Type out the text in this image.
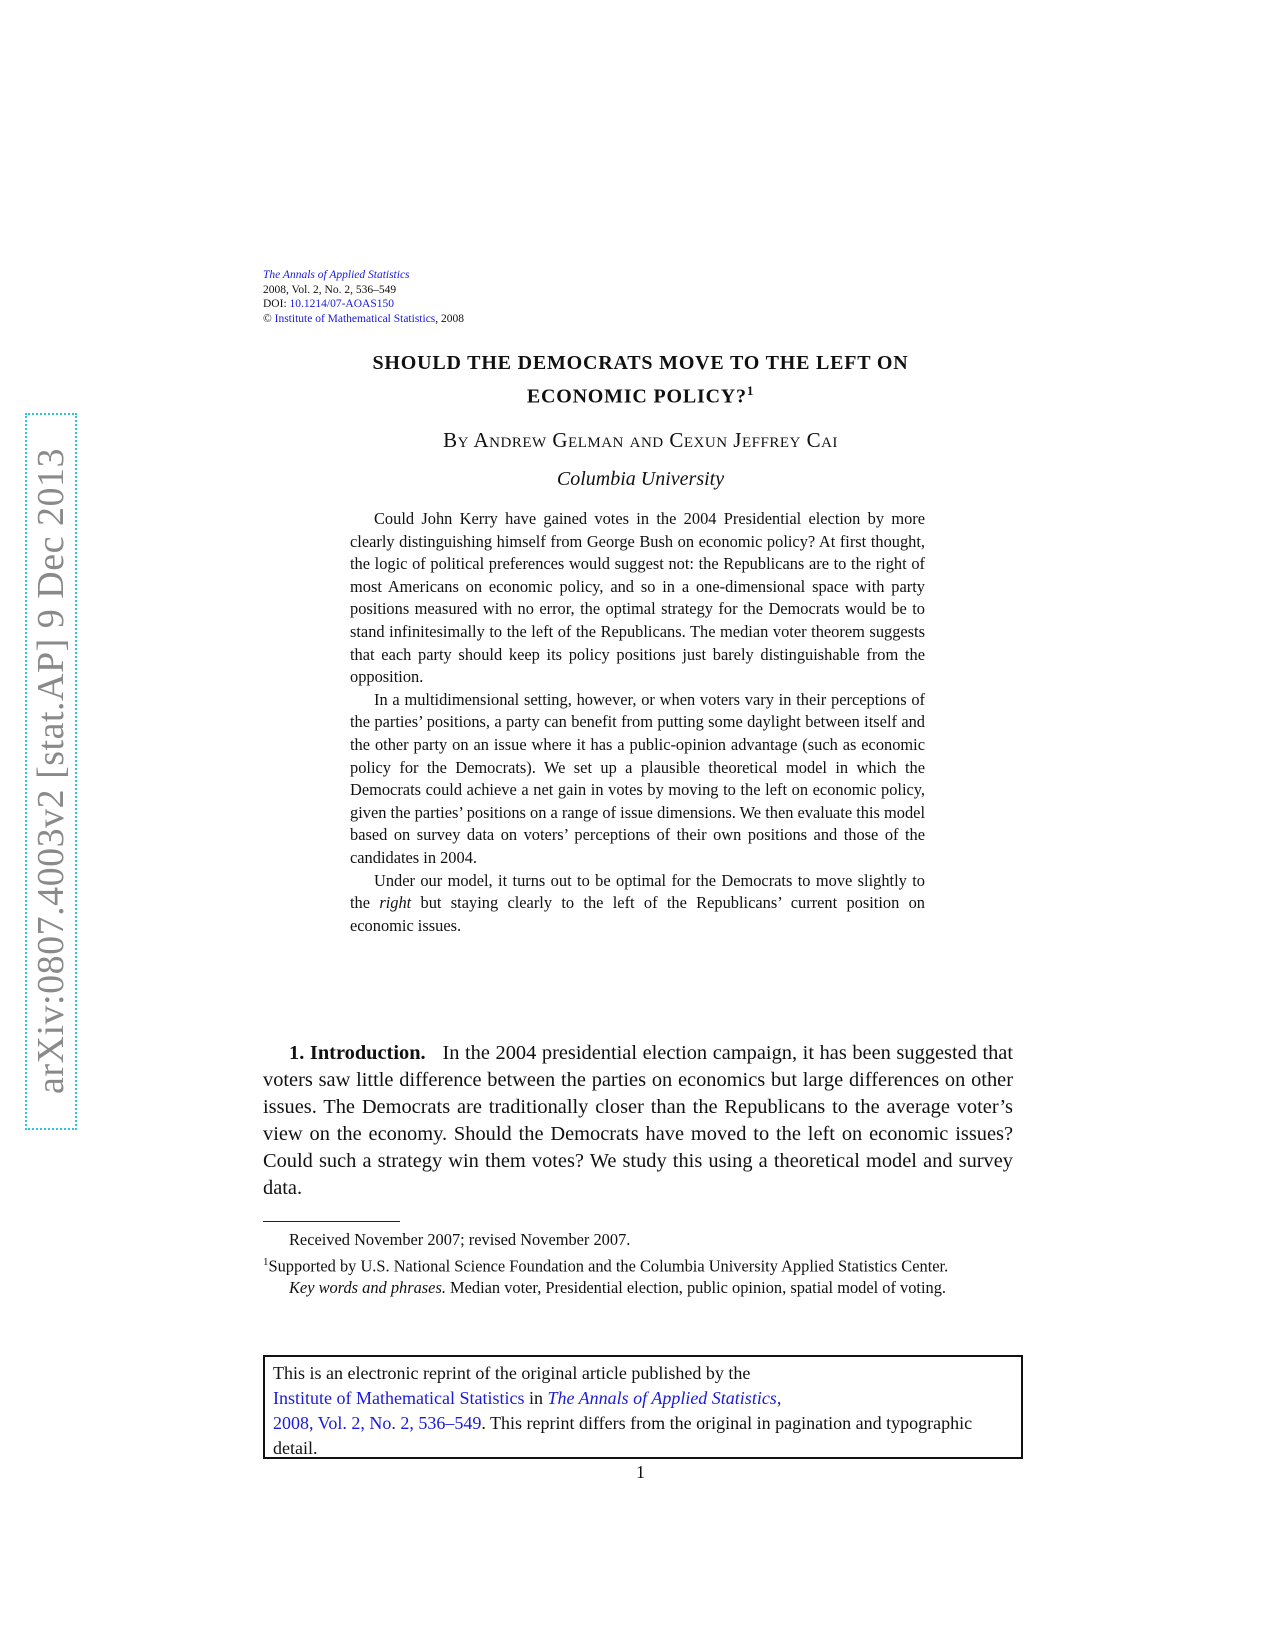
arXiv:0807.4003v2 [stat.AP] 9 Dec 2013
The Annals of Applied Statistics
2008, Vol. 2, No. 2, 536–549
DOI: 10.1214/07-AOAS150
© Institute of Mathematical Statistics, 2008
SHOULD THE DEMOCRATS MOVE TO THE LEFT ON
ECONOMIC POLICY?$^1$
By Andrew Gelman and Cexun Jeffrey Cai
Columbia University

Could John Kerry have gained votes in the 2004 Presidential election by more clearly distinguishing himself from George Bush on economic policy? At first thought, the logic of political preferences would suggest not: the Republicans are to the right of most Americans on economic policy, and so in a one-dimensional space with party positions measured with no error, the optimal strategy for the Democrats would be to stand infinitesimally to the left of the Republicans. The median voter theorem suggests that each party should keep its policy positions just barely distinguishable from the opposition.

In a multidimensional setting, however, or when voters vary in their perceptions of the parties’ positions, a party can benefit from putting some daylight between itself and the other party on an issue where it has a public-opinion advantage (such as economic policy for the Democrats). We set up a plausible theoretical model in which the Democrats could achieve a net gain in votes by moving to the left on economic policy, given the parties’ positions on a range of issue dimensions. We then evaluate this model based on survey data on voters’ perceptions of their own positions and those of the candidates in 2004.

Under our model, it turns out to be optimal for the Democrats to move slightly to the right but staying clearly to the left of the Republicans’ current position on economic issues.

1. Introduction. In the 2004 presidential election campaign, it has been suggested that voters saw little difference between the parties on economics but large differences on other issues. The Democrats are traditionally closer than the Republicans to the average voter’s view on the economy. Should the Democrats have moved to the left on economic issues? Could such a strategy win them votes? We study this using a theoretical model and survey data.

Received November 2007; revised November 2007.

$^1$Supported by U.S. National Science Foundation and the Columbia University Applied Statistics Center.

Key words and phrases. Median voter, Presidential election, public opinion, spatial model of voting.

This is an electronic reprint of the original article published by the
Institute of Mathematical Statistics in The Annals of Applied Statistics,
2008, Vol. 2, No. 2, 536–549. This reprint differs from the original in pagination and typographic detail.
1
